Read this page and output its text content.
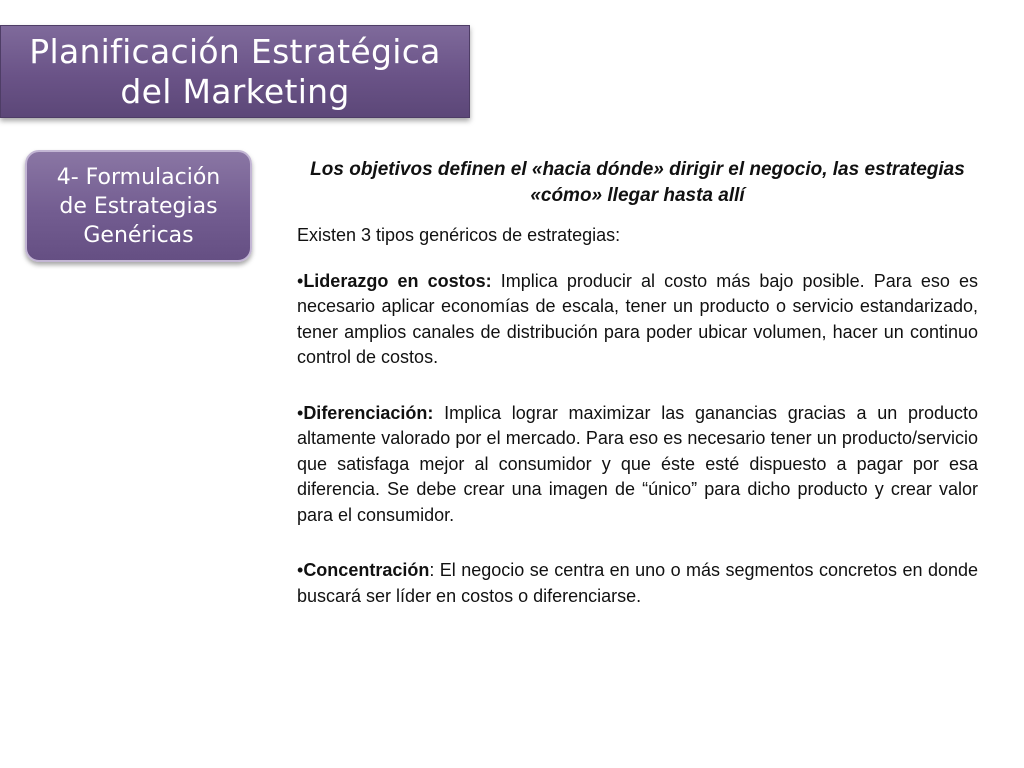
Planificación Estratégica
del Marketing
4- Formulación
de Estrategias
Genéricas

Los objetivos definen el «hacia dónde» dirigir el negocio, las estrategias «cómo» llegar hasta allí

Existen 3 tipos genéricos de estrategias:

•Liderazgo en costos: Implica producir al costo más bajo posible. Para eso es necesario aplicar economías de escala, tener un producto o servicio estandarizado, tener amplios canales de distribución para poder ubicar volumen, hacer un continuo control de costos.

•Diferenciación: Implica lograr maximizar las ganancias gracias a un producto altamente valorado por el mercado. Para eso es necesario tener un producto/servicio que satisfaga mejor al consumidor y que éste esté dispuesto a pagar por esa diferencia. Se debe crear una imagen de “único” para dicho producto y crear valor para el consumidor.

•Concentración: El negocio se centra en uno o más segmentos concretos en donde buscará ser líder en costos o diferenciarse.
